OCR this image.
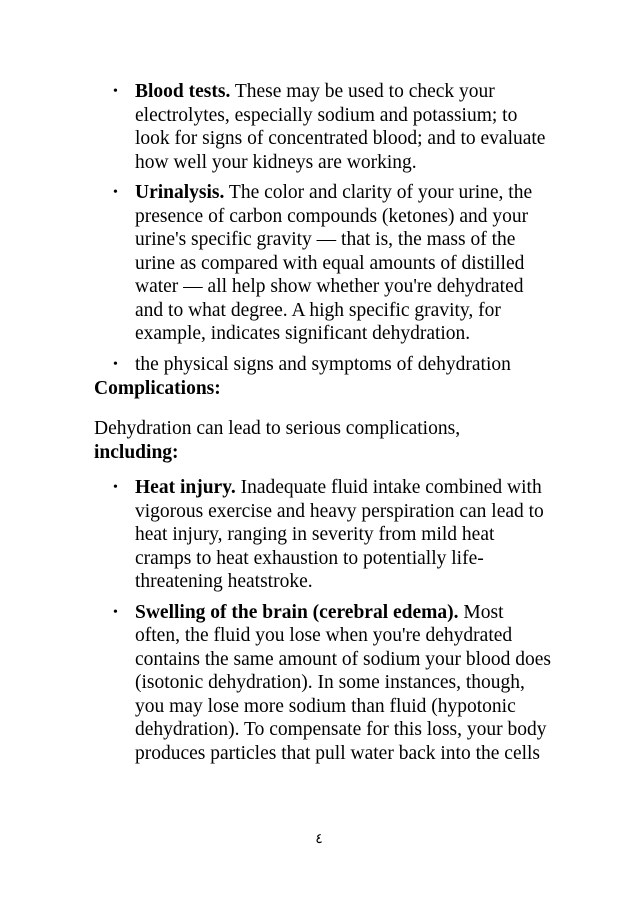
• Blood tests. These may be used to check your electrolytes, especially sodium and potassium; to look for signs of concentrated blood; and to evaluate how well your kidneys are working.
• Urinalysis. The color and clarity of your urine, the presence of carbon compounds (ketones) and your urine's specific gravity — that is, the mass of the urine as compared with equal amounts of distilled water — all help show whether you're dehydrated and to what degree. A high specific gravity, for example, indicates significant dehydration.
• the physical signs and symptoms of dehydration

Complications:

Dehydration can lead to serious complications,
including:

• Heat injury. Inadequate fluid intake combined with vigorous exercise and heavy perspiration can lead to heat injury, ranging in severity from mild heat cramps to heat exhaustion to potentially life-threatening heatstroke.
• Swelling of the brain (cerebral edema). Most often, the fluid you lose when you're dehydrated contains the same amount of sodium your blood does (isotonic dehydration). In some instances, though, you may lose more sodium than fluid (hypotonic dehydration). To compensate for this loss, your body produces particles that pull water back into the cells
٤
